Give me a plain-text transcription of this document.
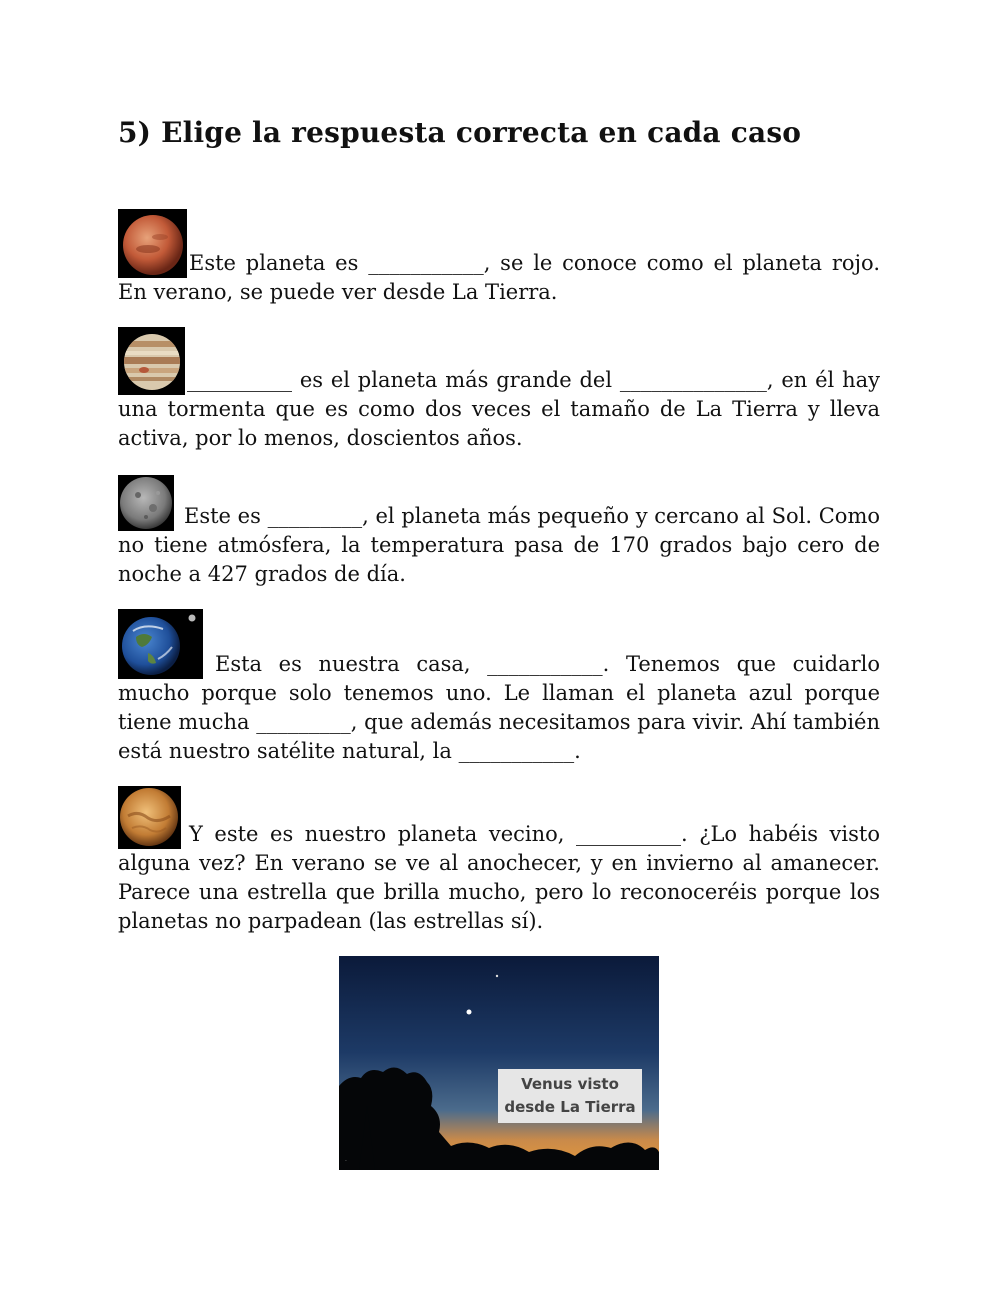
5) Elige la respuesta correcta en cada caso

Este planeta es ___________, se le conoce como el planeta rojo. En verano, se puede ver desde La Tierra.

__________ es el planeta más grande del ______________, en él hay una tormenta que es como dos veces el tamaño de La Tierra y lleva activa, por lo menos, doscientos años.

Este es _________, el planeta más pequeño y cercano al Sol. Como no tiene atmósfera, la temperatura pasa de 170 grados bajo cero de noche a 427 grados de día.

Esta es nuestra casa, ___________. Tenemos que cuidarlo mucho porque solo tenemos uno. Le llaman el planeta azul porque tiene mucha _________, que además necesitamos para vivir. Ahí también está nuestro satélite natural, la ___________.

Y este es nuestro planeta vecino, __________. ¿Lo habéis visto alguna vez? En verano se ve al anochecer, y en invierno al amanecer. Parece una estrella que brilla mucho, pero lo reconoceréis porque los planetas no parpadean (las estrellas sí).

Venus visto
desde La Tierra
·
